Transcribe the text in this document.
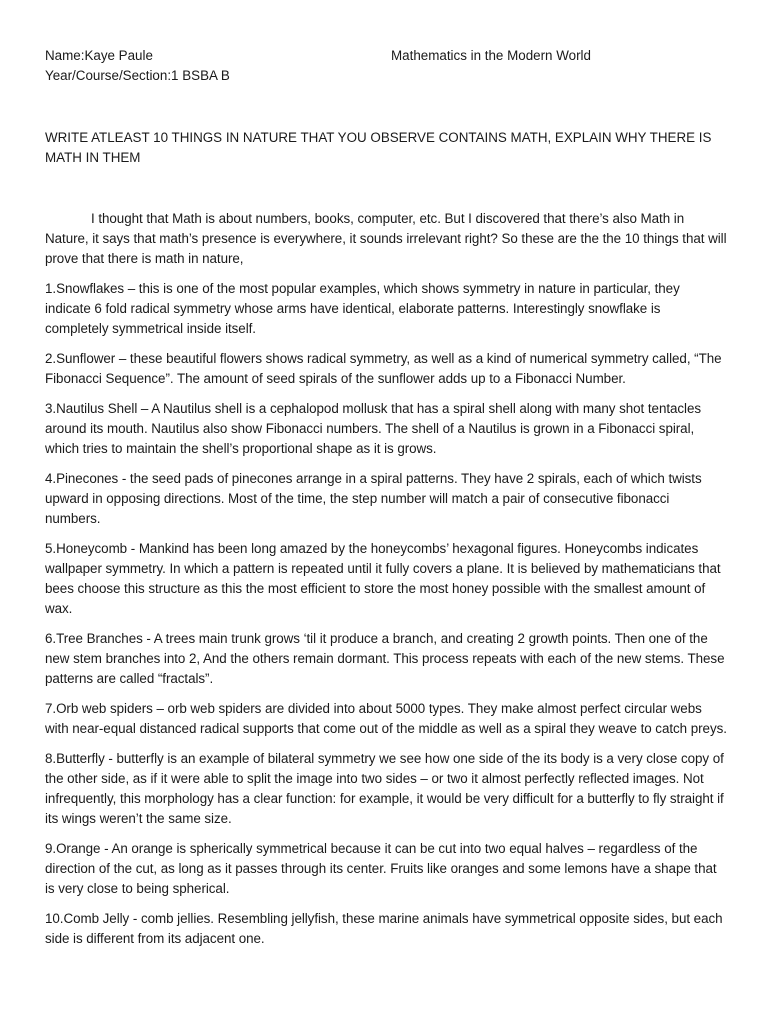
Name:Kaye Paule
Year/Course/Section:1 BSBA B
Mathematics in the Modern World
WRITE ATLEAST 10 THINGS IN NATURE THAT YOU OBSERVE CONTAINS MATH, EXPLAIN WHY THERE IS MATH IN THEM

I thought that Math is about numbers, books, computer, etc. But I discovered that there’s also Math in Nature, it says that math’s presence is everywhere, it sounds irrelevant right? So these are the the 10 things that will prove that there is math in nature,

1.Snowflakes – this is one of the most popular examples, which shows symmetry in nature in particular, they indicate 6 fold radical symmetry whose arms have identical, elaborate patterns. Interestingly snowflake is completely symmetrical inside itself.

2.Sunflower – these beautiful flowers shows radical symmetry, as well as a kind of numerical symmetry called, “The Fibonacci Sequence”. The amount of seed spirals of the sunflower adds up to a Fibonacci Number.

3.Nautilus Shell – A Nautilus shell is a cephalopod mollusk that has a spiral shell along with many shot tentacles around its mouth. Nautilus also show Fibonacci numbers. The shell of a Nautilus is grown in a Fibonacci spiral, which tries to maintain the shell’s proportional shape as it is grows.

4.Pinecones - the seed pads of pinecones arrange in a spiral patterns. They have 2 spirals, each of which twists upward in opposing directions. Most of the time, the step number will match a pair of consecutive fibonacci numbers.

5.Honeycomb - Mankind has been long amazed by the honeycombs’ hexagonal figures. Honeycombs indicates wallpaper symmetry. In which a pattern is repeated until it fully covers a plane. It is believed by mathematicians that bees choose this structure as this the most efficient to store the most honey possible with the smallest amount of wax.

6.Tree Branches - A trees main trunk grows ‘til it produce a branch, and creating 2 growth points. Then one of the new stem branches into 2, And the others remain dormant. This process repeats with each of the new stems. These patterns are called “fractals”.

7.Orb web spiders – orb web spiders are divided into about 5000 types. They make almost perfect circular webs with near-equal distanced radical supports that come out of the middle as well as a spiral they weave to catch preys.

8.Butterfly - butterfly is an example of bilateral symmetry we see how one side of the its body is a very close copy of the other side, as if it were able to split the image into two sides – or two it almost perfectly reflected images. Not infrequently, this morphology has a clear function: for example, it would be very difficult for a butterfly to fly straight if its wings weren’t the same size.

9.Orange - An orange is spherically symmetrical because it can be cut into two equal halves – regardless of the direction of the cut, as long as it passes through its center. Fruits like oranges and some lemons have a shape that is very close to being spherical.

10.Comb Jelly - comb jellies. Resembling jellyfish, these marine animals have symmetrical opposite sides, but each side is different from its adjacent one.
